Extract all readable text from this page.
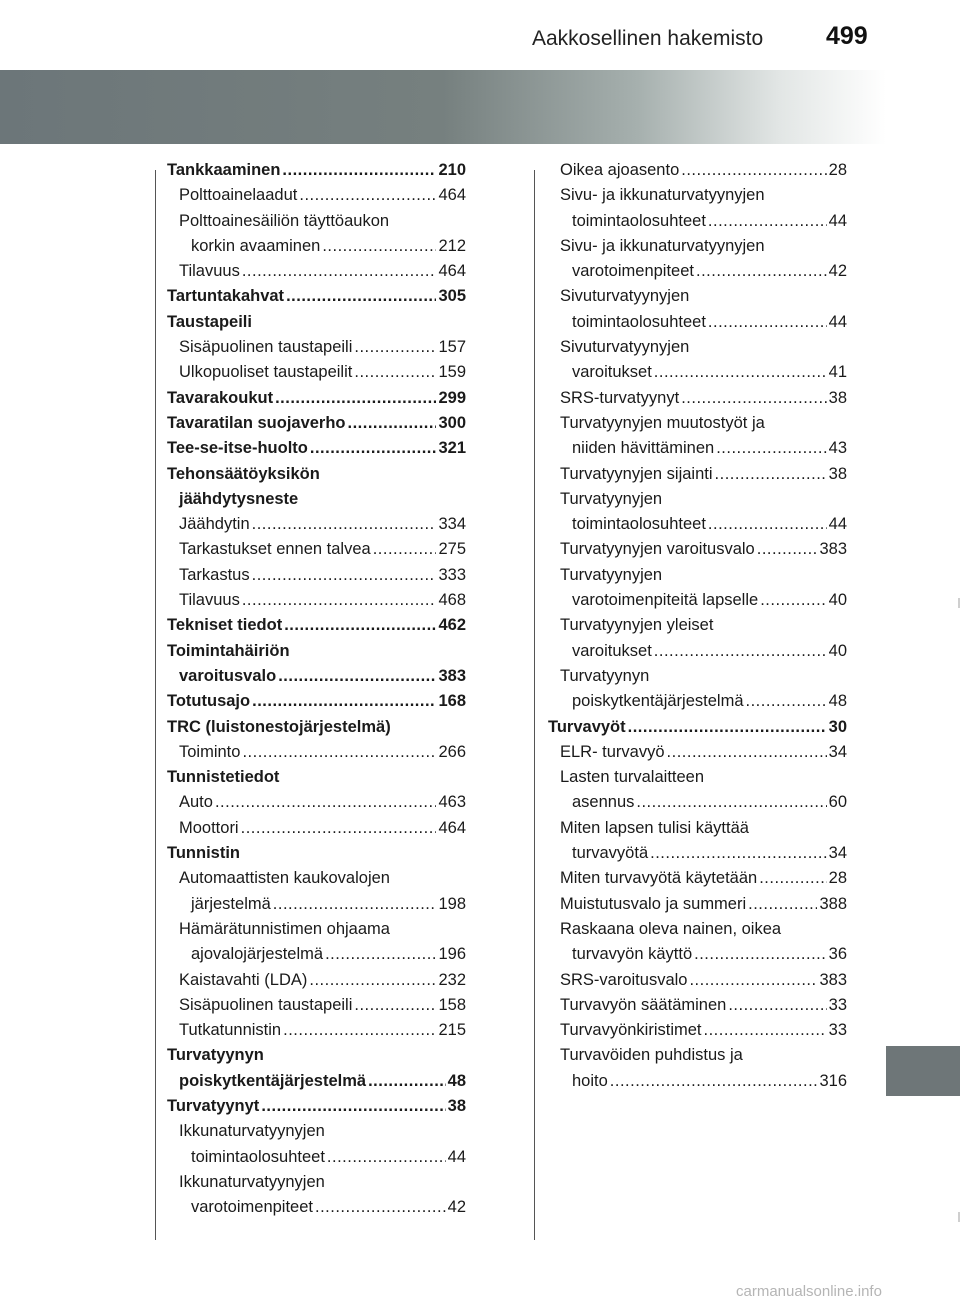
Aakkosellinen hakemisto	499
Tankkaaminen .....	210
Polttoainelaadut .....	464
Polttoainesäiliön täyttöaukon
korkin avaaminen .....	212
Tilavuus .....	464
Tartuntakahvat .....	305
Taustapeili
Sisäpuolinen taustapeili .....	157
Ulkopuoliset taustapeilit .....	159
Tavarakoukut .....	299
Tavaratilan suojaverho .....	300
Tee-se-itse-huolto .....	321
Tehonsäätöyksikön
jäähdytysneste
Jäähdytin .....	334
Tarkastukset ennen talvea .....	275
Tarkastus .....	333
Tilavuus .....	468
Tekniset tiedot .....	462
Toimintahäiriön
varoitusvalo .....	383
Totutusajo .....	168
TRC (luistonestojärjestelmä)
Toiminto .....	266
Tunnistetiedot
Auto .....	463
Moottori .....	464
Tunnistin
Automaattisten kaukovalojen
järjestelmä .....	198
Hämärätunnistimen ohjaama
ajovalojärjestelmä .....	196
Kaistavahti (LDA) .....	232
Sisäpuolinen taustapeili .....	158
Tutkatunnistin .....	215
Turvatyynyn
poiskytkentäjärjestelmä .....	48
Turvatyynyt .....	38
Ikkunaturvatyynyjen
toimintaolosuhteet .....	44
Ikkunaturvatyynyjen
varotoimenpiteet .....	42
Oikea ajoasento .....	28
Sivu- ja ikkunaturvatyynyjen
toimintaolosuhteet .....	44
Sivu- ja ikkunaturvatyynyjen
varotoimenpiteet .....	42
Sivuturvatyynyjen
toimintaolosuhteet .....	44
Sivuturvatyynyjen
varoitukset .....	41
SRS-turvatyynyt .....	38
Turvatyynyjen muutostyöt ja
niiden hävittäminen .....	43
Turvatyynyjen sijainti .....	38
Turvatyynyjen
toimintaolosuhteet .....	44
Turvatyynyjen varoitusvalo .....	383
Turvatyynyjen
varotoimenpiteitä lapselle .....	40
Turvatyynyjen yleiset
varoitukset .....	40
Turvatyynyn
poiskytkentäjärjestelmä .....	48
Turvavyöt .....	30
ELR- turvavyö .....	34
Lasten turvalaitteen
asennus .....	60
Miten lapsen tulisi käyttää
turvavyötä .....	34
Miten turvavyötä käytetään .....	28
Muistutusvalo ja summeri .....	388
Raskaana oleva nainen, oikea
turvavyön käyttö .....	36
SRS-varoitusvalo .....	383
Turvavyön säätäminen .....	33
Turvavyönkiristimet .....	33
Turvavöiden puhdistus ja
hoito .....	316
carmanualsonline.info
